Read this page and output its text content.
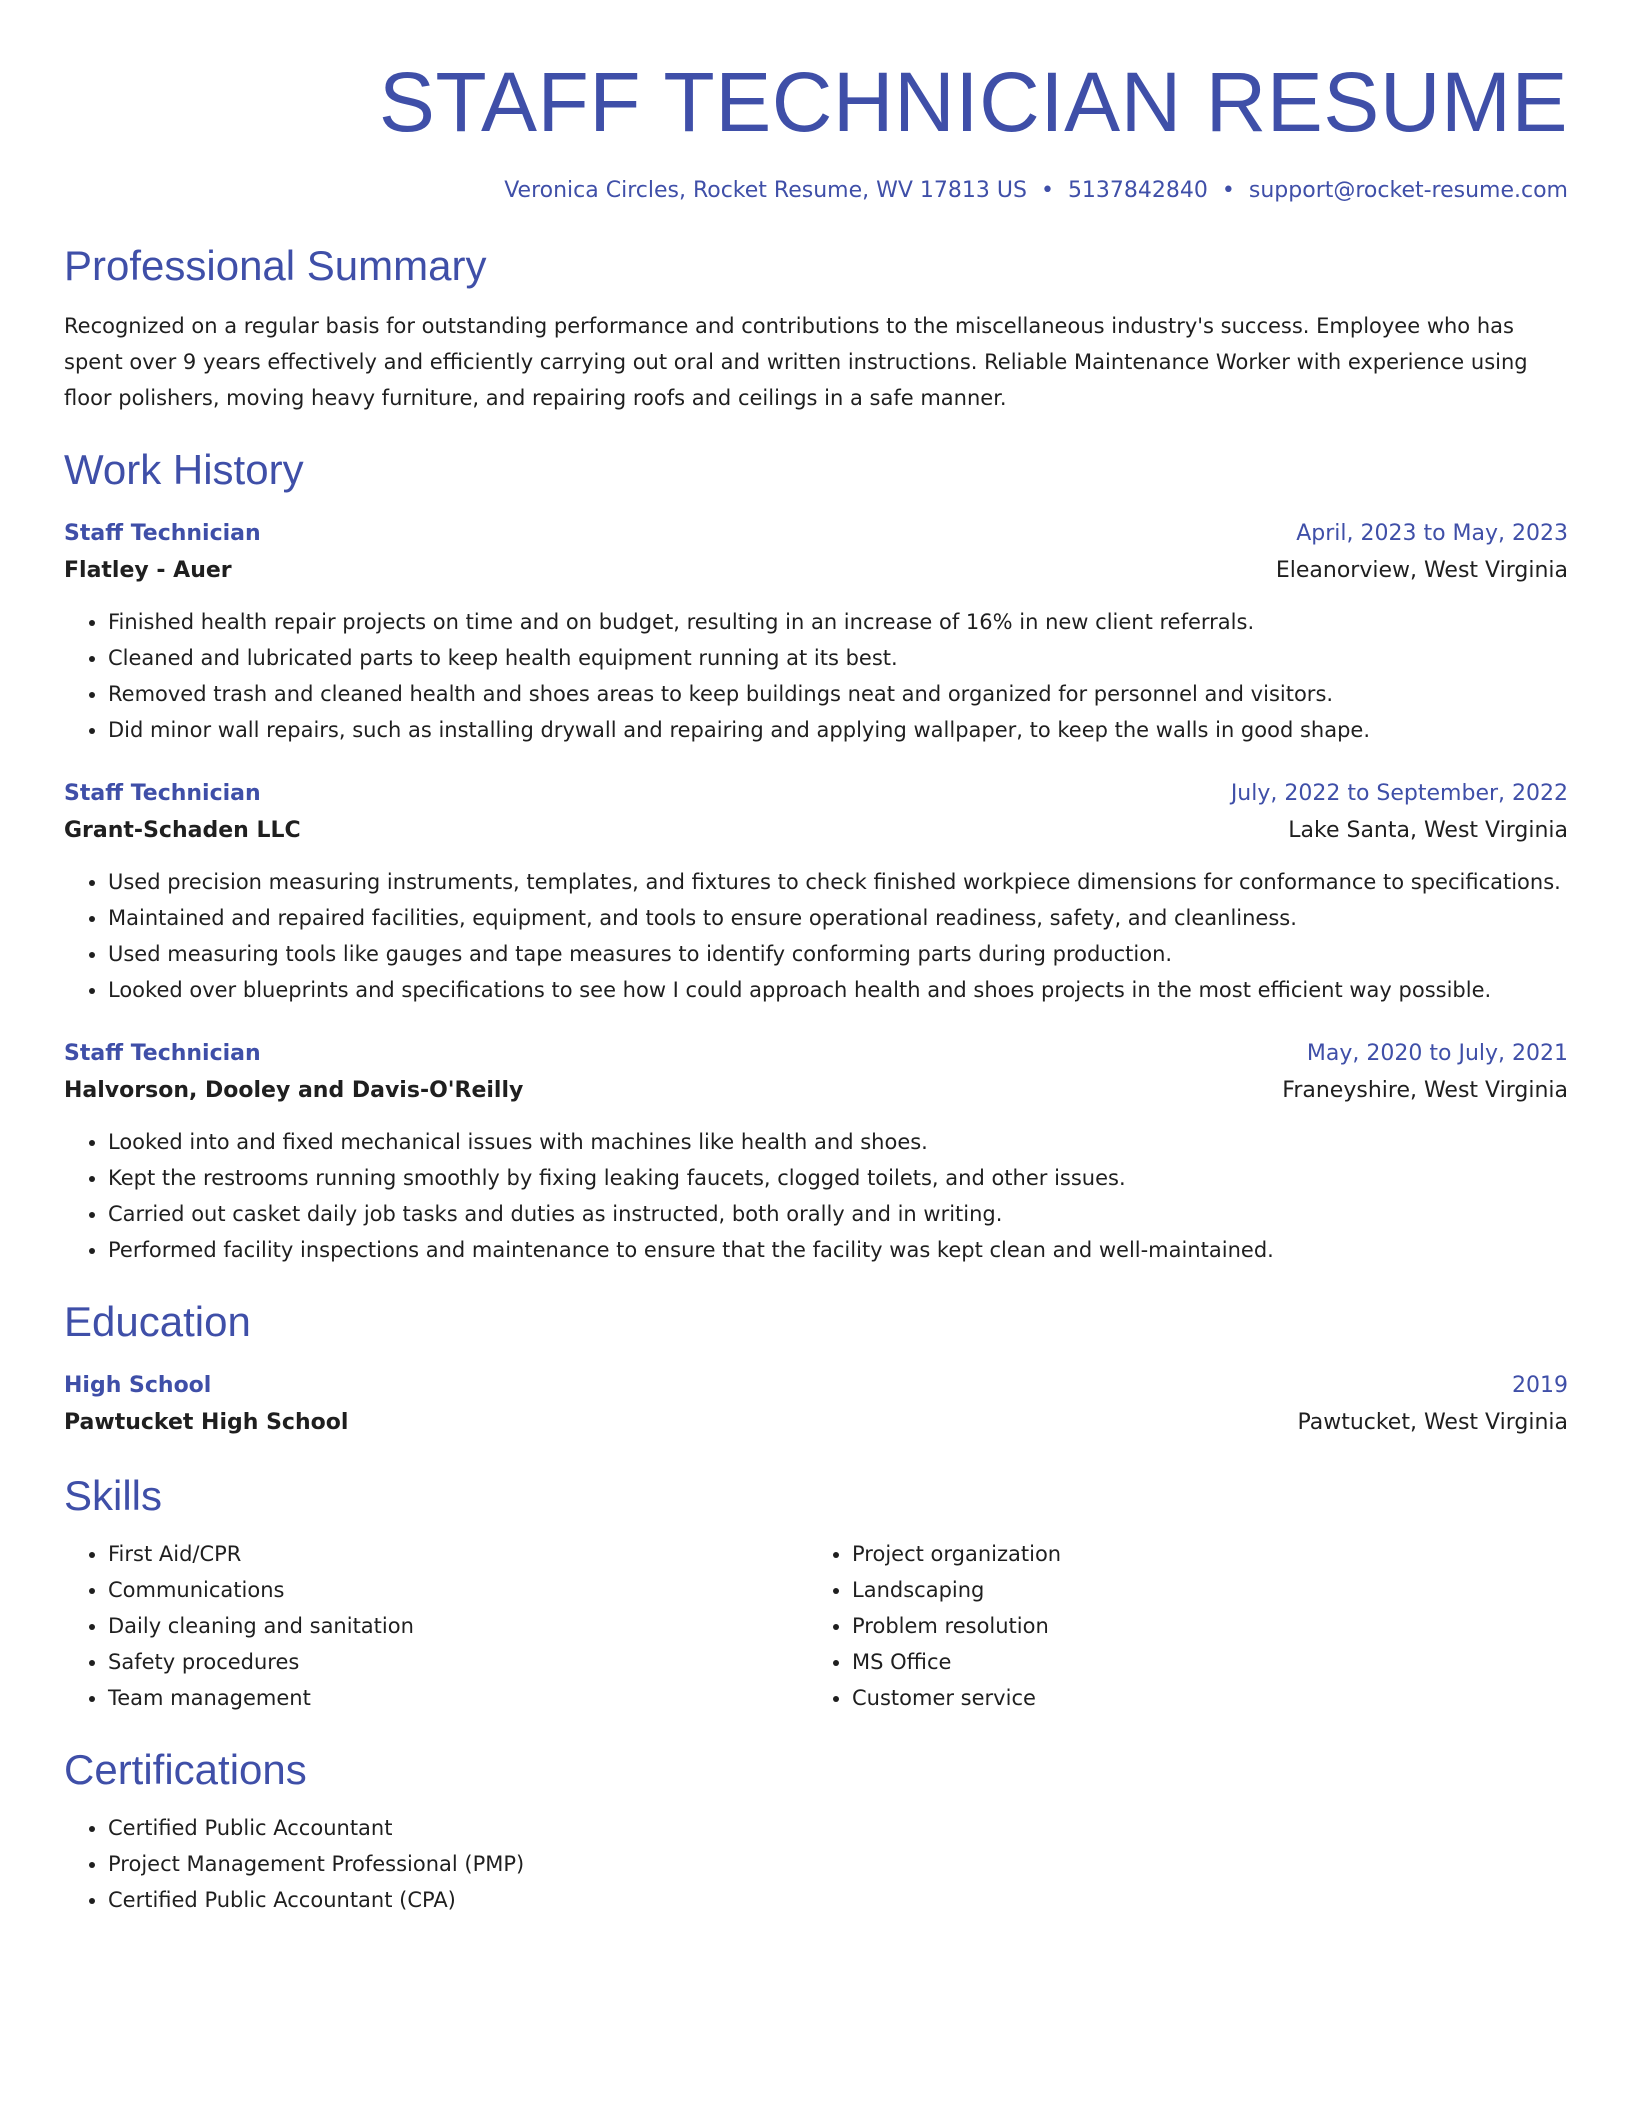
STAFF TECHNICIAN RESUME
Veronica Circles, Rocket Resume, WV 17813 US • 5137842840 • support@rocket-resume.com
Professional Summary
Recognized on a regular basis for outstanding performance and contributions to the miscellaneous industry's success. Employee who has spent over 9 years effectively and efficiently carrying out oral and written instructions. Reliable Maintenance Worker with experience using floor polishers, moving heavy furniture, and repairing roofs and ceilings in a safe manner.
Work History
Staff Technician	April, 2023 to May, 2023
Flatley - Auer	Eleanorview, West Virginia
• Finished health repair projects on time and on budget, resulting in an increase of 16% in new client referrals.
• Cleaned and lubricated parts to keep health equipment running at its best.
• Removed trash and cleaned health and shoes areas to keep buildings neat and organized for personnel and visitors.
• Did minor wall repairs, such as installing drywall and repairing and applying wallpaper, to keep the walls in good shape.
Staff Technician	July, 2022 to September, 2022
Grant-Schaden LLC	Lake Santa, West Virginia
• Used precision measuring instruments, templates, and fixtures to check finished workpiece dimensions for conformance to specifications.
• Maintained and repaired facilities, equipment, and tools to ensure operational readiness, safety, and cleanliness.
• Used measuring tools like gauges and tape measures to identify conforming parts during production.
• Looked over blueprints and specifications to see how I could approach health and shoes projects in the most efficient way possible.
Staff Technician	May, 2020 to July, 2021
Halvorson, Dooley and Davis-O'Reilly	Franeyshire, West Virginia
• Looked into and fixed mechanical issues with machines like health and shoes.
• Kept the restrooms running smoothly by fixing leaking faucets, clogged toilets, and other issues.
• Carried out casket daily job tasks and duties as instructed, both orally and in writing.
• Performed facility inspections and maintenance to ensure that the facility was kept clean and well-maintained.
Education
High School	2019
Pawtucket High School	Pawtucket, West Virginia
Skills
• First Aid/CPR
• Communications
• Daily cleaning and sanitation
• Safety procedures
• Team management
• Project organization
• Landscaping
• Problem resolution
• MS Office
• Customer service
Certifications
• Certified Public Accountant
• Project Management Professional (PMP)
• Certified Public Accountant (CPA)
